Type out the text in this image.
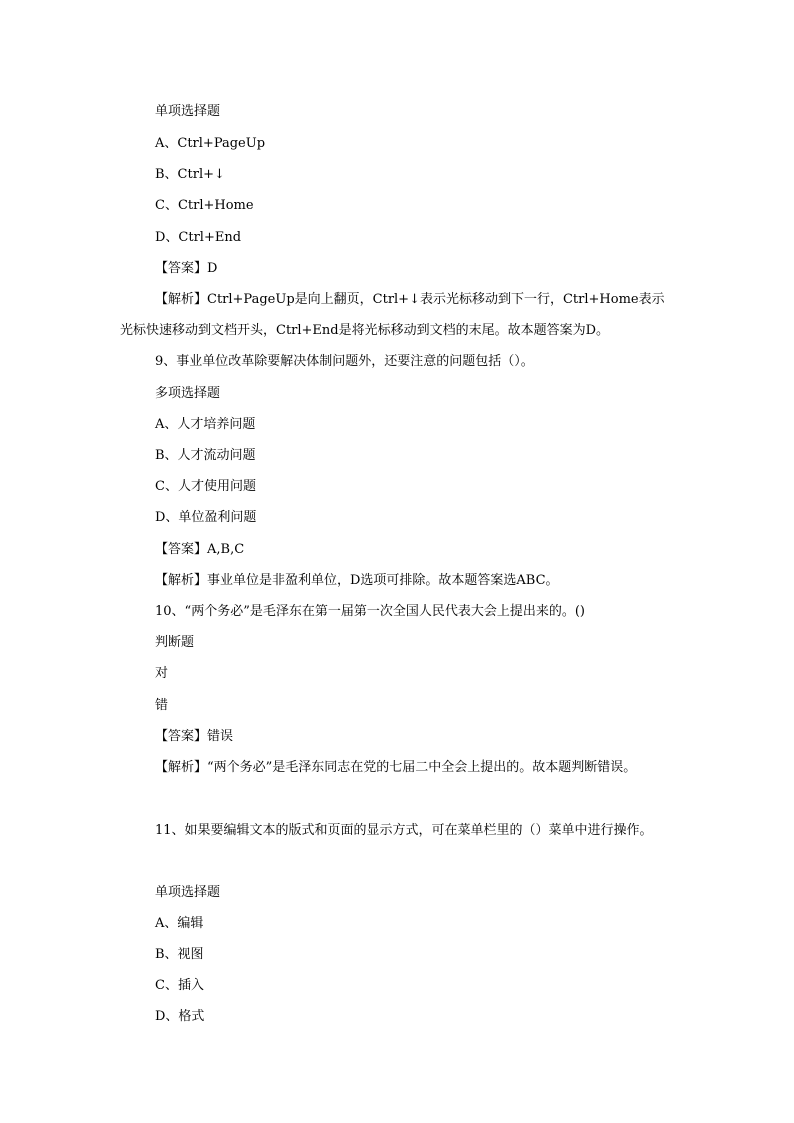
单项选择题
A、Ctrl+PageUp
B、Ctrl+↓
C、Ctrl+Home
D、Ctrl+End
【答案】D
【解析】Ctrl+PageUp是向上翻页，Ctrl+↓表示光标移动到下一行，Ctrl+Home表示
光标快速移动到文档开头，Ctrl+End是将光标移动到文档的末尾。故本题答案为D。
9、事业单位改革除要解决体制问题外，还要注意的问题包括（）。
多项选择题
A、人才培养问题
B、人才流动问题
C、人才使用问题
D、单位盈利问题
【答案】A,B,C
【解析】事业单位是非盈利单位，D选项可排除。故本题答案选ABC。
10、“两个务必”是毛泽东在第一届第一次全国人民代表大会上提出来的。()
判断题
对
错
【答案】错误
【解析】“两个务必”是毛泽东同志在党的七届二中全会上提出的。故本题判断错误。
11、如果要编辑文本的版式和页面的显示方式，可在菜单栏里的（）菜单中进行操作。
单项选择题
A、编辑
B、视图
C、插入
D、格式
